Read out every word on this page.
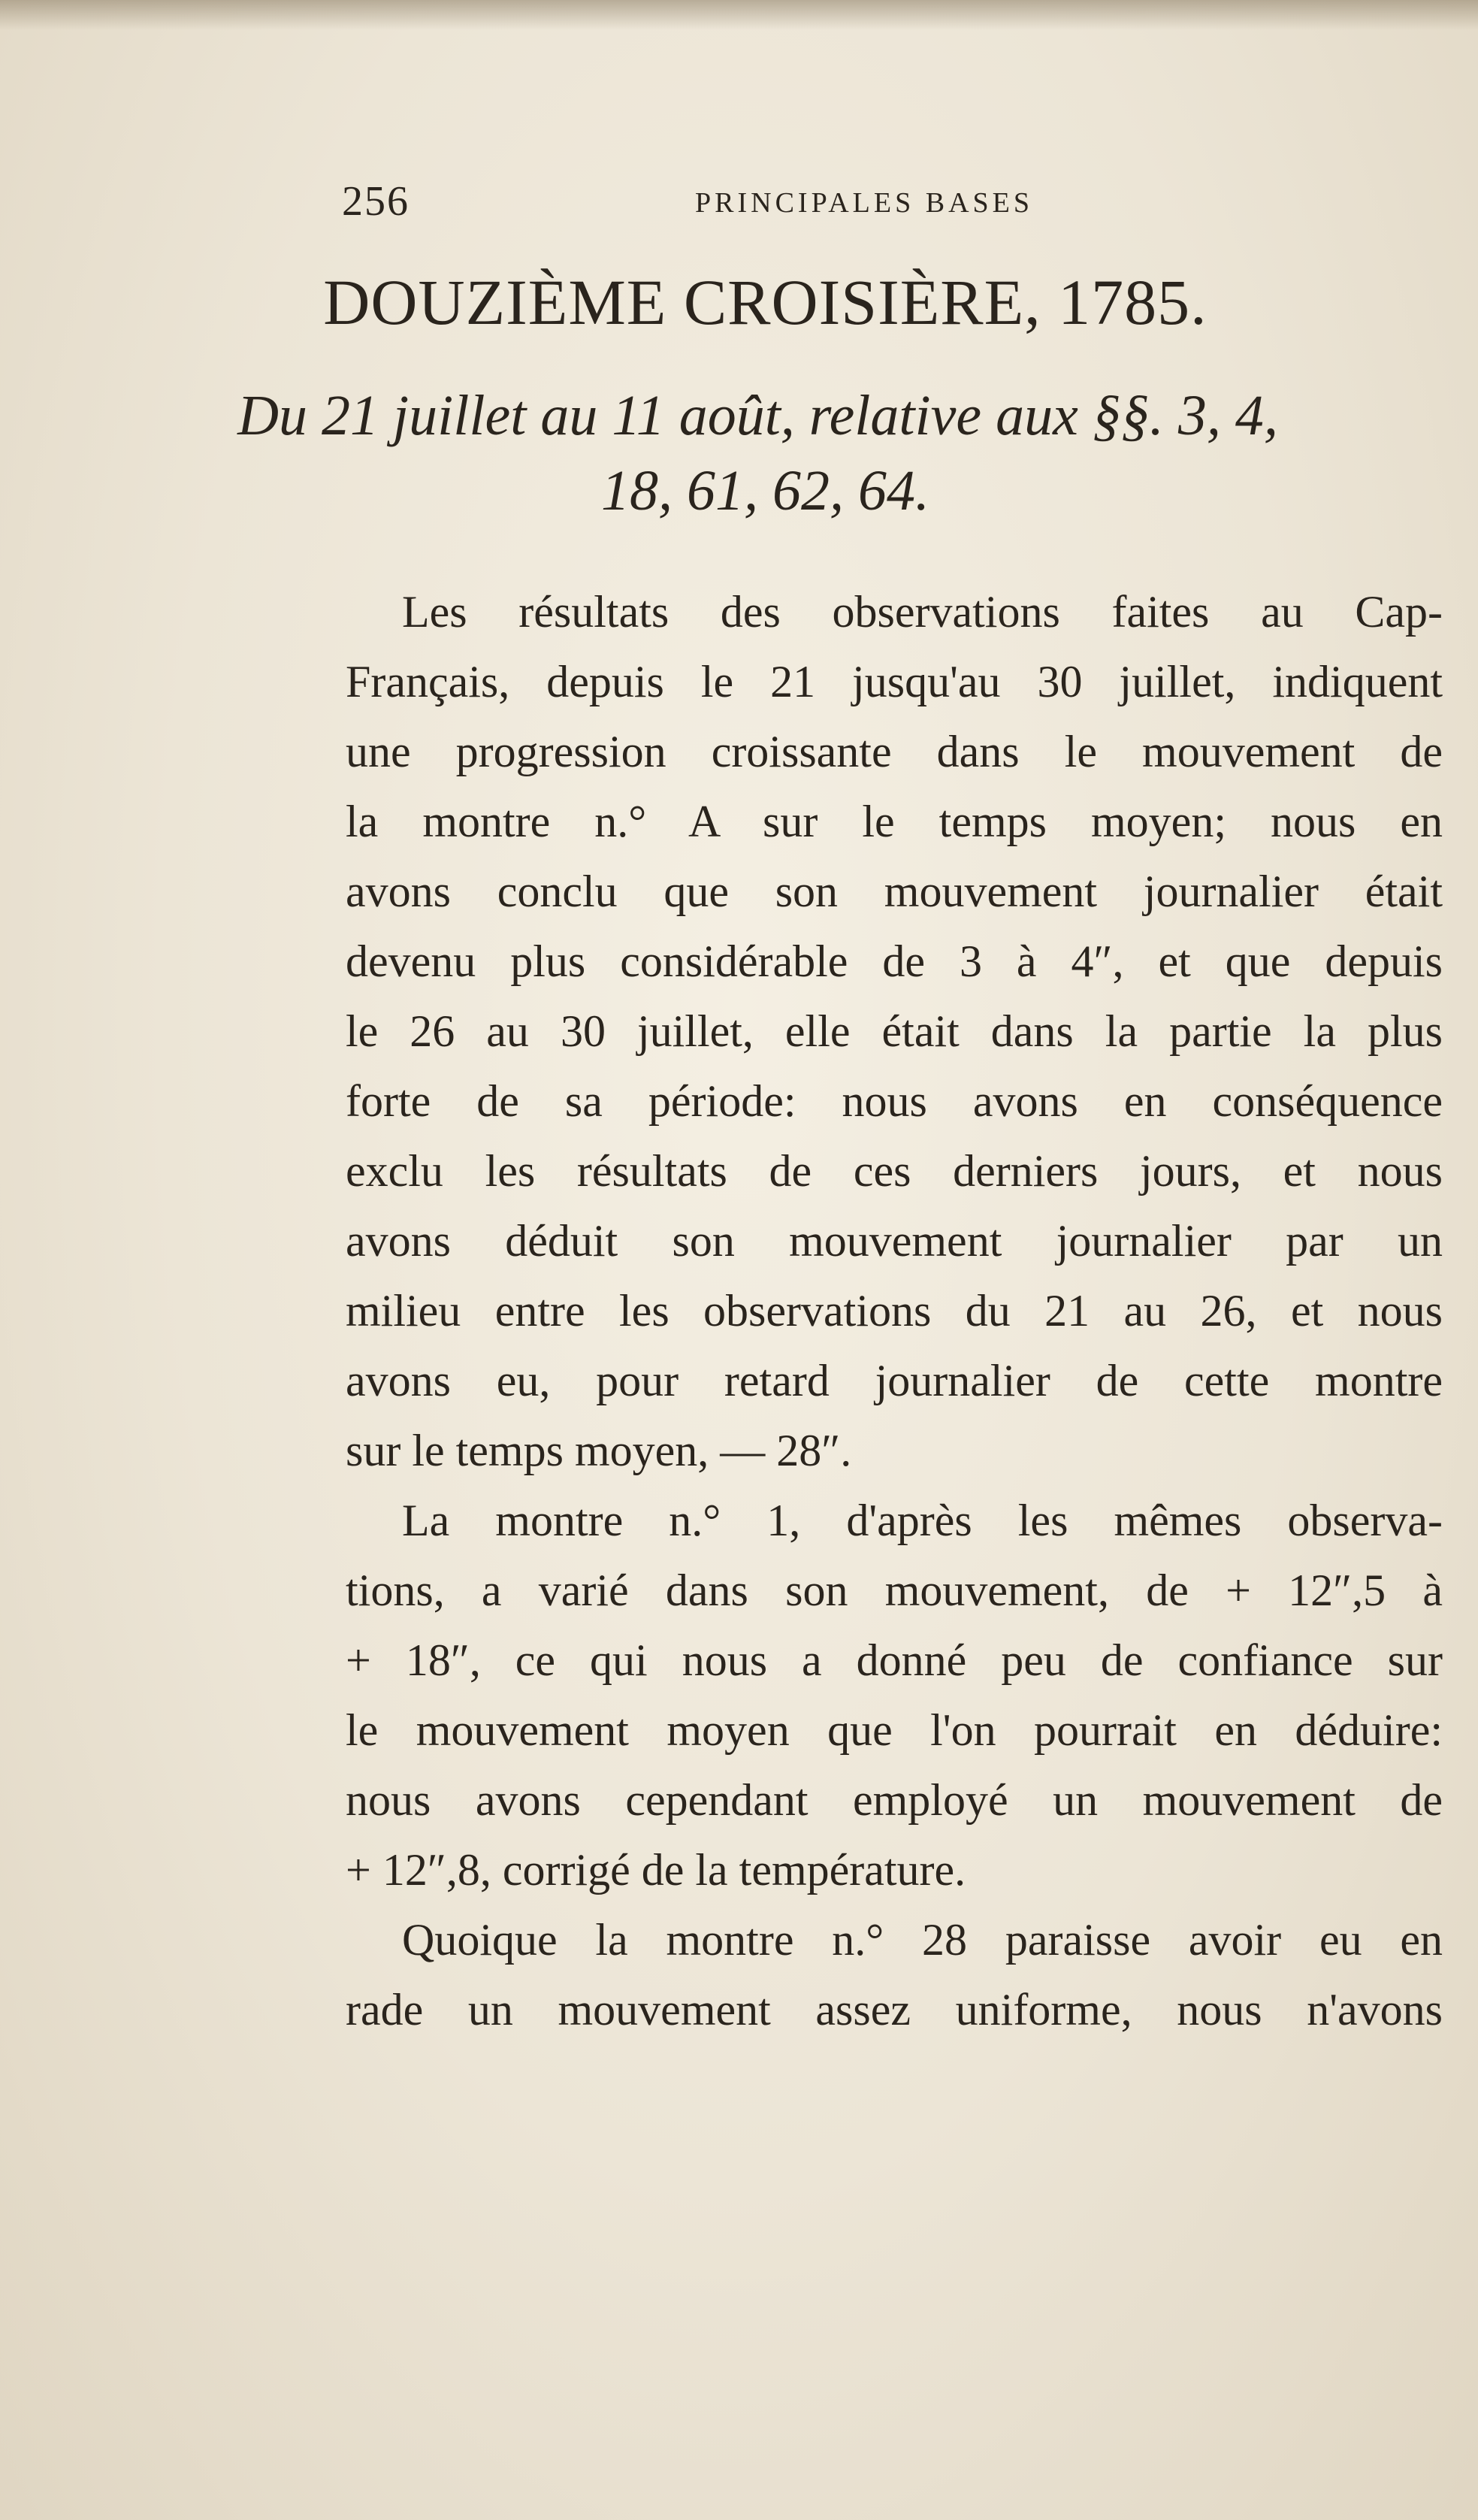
256	PRINCIPALES BASES
DOUZIÈME CROISIÈRE, 1785.
Du 21 juillet au 11 août, relative aux §§. 3, 4,
18, 61, 62, 64.
Les résultats des observations faites au Cap-
Français, depuis le 21 jusqu'au 30 juillet, indiquent
une progression croissante dans le mouvement de
la montre n.° A sur le temps moyen; nous en
avons conclu que son mouvement journalier était
devenu plus considérable de 3 à 4″, et que depuis
le 26 au 30 juillet, elle était dans la partie la plus
forte de sa période: nous avons en conséquence
exclu les résultats de ces derniers jours, et nous
avons déduit son mouvement journalier par un
milieu entre les observations du 21 au 26, et nous
avons eu, pour retard journalier de cette montre
sur le temps moyen, — 28″.
La montre n.° 1, d'après les mêmes observa-
tions, a varié dans son mouvement, de + 12″,5 à
+ 18″, ce qui nous a donné peu de confiance sur
le mouvement moyen que l'on pourrait en déduire:
nous avons cependant employé un mouvement de
+ 12″,8, corrigé de la température.
Quoique la montre n.° 28 paraisse avoir eu en
rade un mouvement assez uniforme, nous n'avons
